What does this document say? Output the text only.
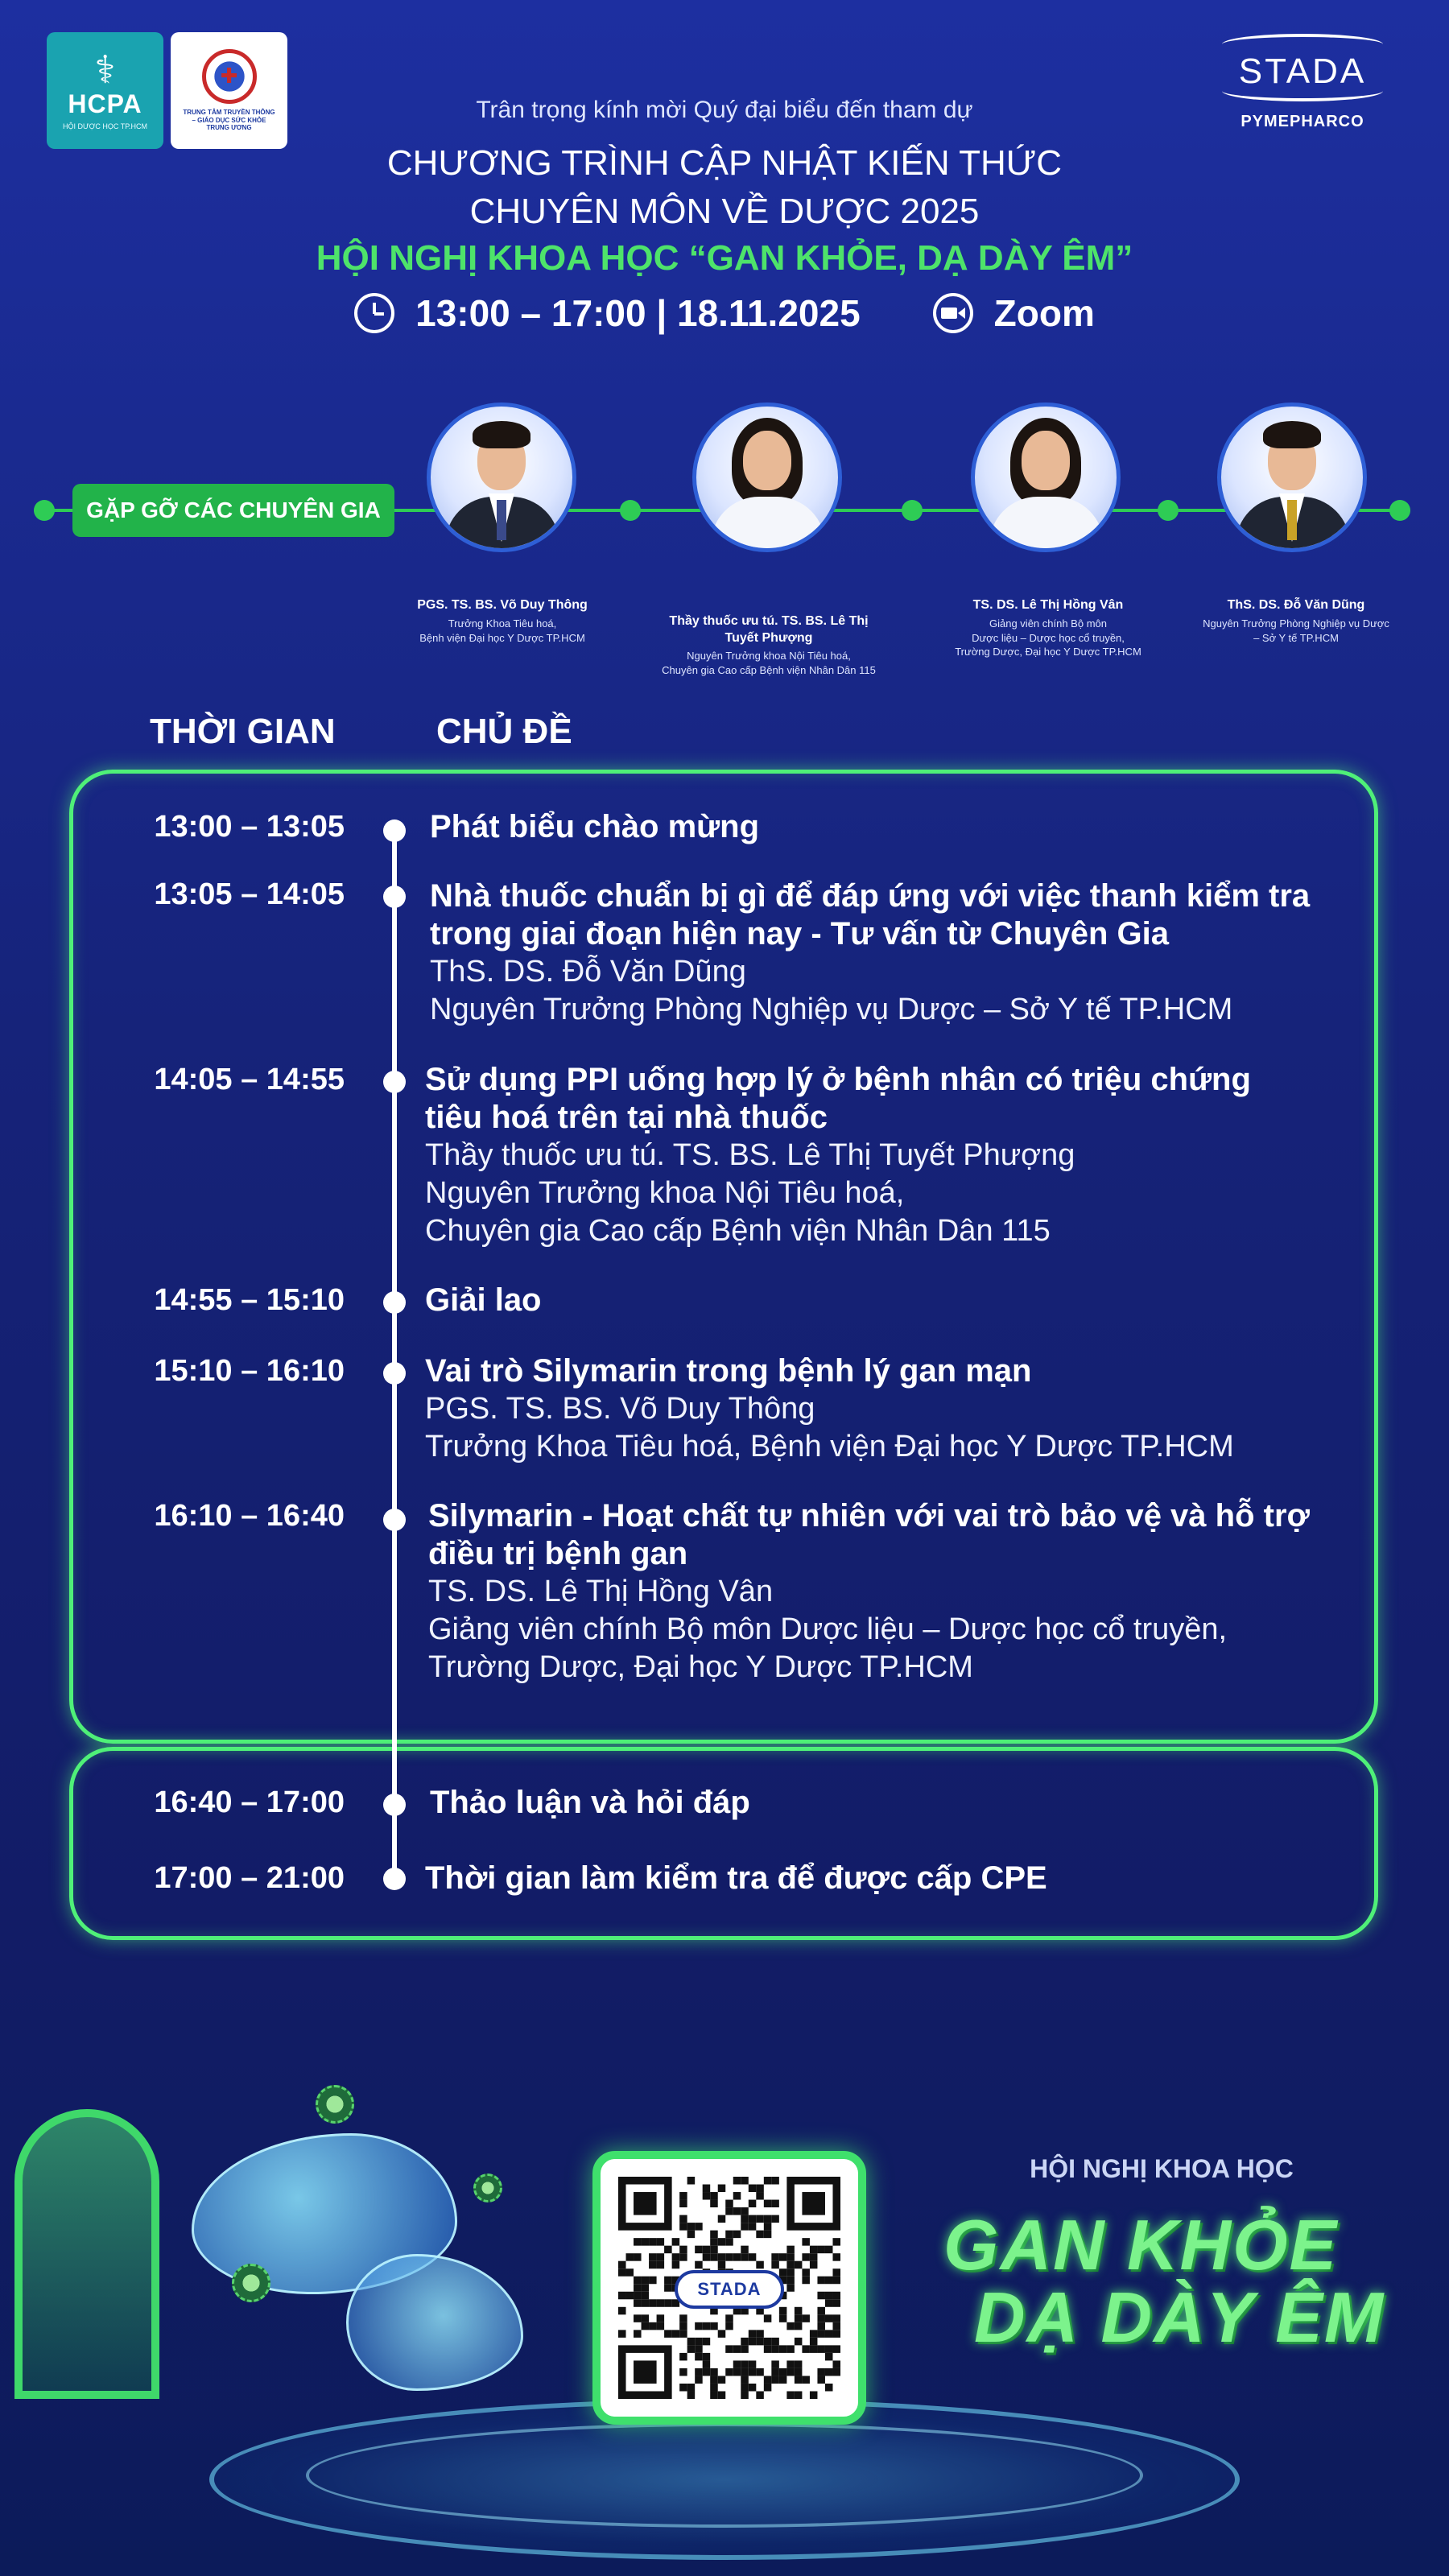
⚕
HCPA
HỘI DƯỢC HỌC TP.HCM
✚
TRUNG TÂM TRUYỀN THÔNG – GIÁO DỤC SỨC KHỎE TRUNG ƯƠNG
STADA
PYMEPHARCO
Trân trọng kính mời Quý đại biểu đến tham dự
CHƯƠNG TRÌNH CẬP NHẬT KIẾN THỨC
CHUYÊN MÔN VỀ DƯỢC 2025
HỘI NGHỊ KHOA HỌC “GAN KHỎE, DẠ DÀY ÊM”
13:00 – 17:00 | 18.11.2025	Zoom
GẶP GỠ CÁC CHUYÊN GIA
PGS. TS. BS. Võ Duy Thông
Trưởng Khoa Tiêu hoá,
Bệnh viện Đại học Y Dược TP.HCM
Thầy thuốc ưu tú. TS. BS. Lê Thị Tuyết Phượng
Nguyên Trưởng khoa Nội Tiêu hoá,
Chuyên gia Cao cấp Bệnh viện Nhân Dân 115
TS. DS. Lê Thị Hồng Vân
Giảng viên chính Bộ môn
Dược liệu – Dược học cổ truyền,
Trường Dược, Đại học Y Dược TP.HCM
ThS. DS. Đỗ Văn Dũng
Nguyên Trưởng Phòng Nghiệp vụ Dược
– Sở Y tế TP.HCM
THỜI GIAN	CHỦ ĐỀ
13:00 – 13:05	Phát biểu chào mừng
13:05 – 14:05	Nhà thuốc chuẩn bị gì để đáp ứng với việc thanh kiểm tra
trong giai đoạn hiện nay - Tư vấn từ Chuyên Gia
ThS. DS. Đỗ Văn Dũng
Nguyên Trưởng Phòng Nghiệp vụ Dược – Sở Y tế TP.HCM
14:05 – 14:55	Sử dụng PPI uống hợp lý ở bệnh nhân có triệu chứng
tiêu hoá trên tại nhà thuốc
Thầy thuốc ưu tú. TS. BS. Lê Thị Tuyết Phượng
Nguyên Trưởng khoa Nội Tiêu hoá,
Chuyên gia Cao cấp Bệnh viện Nhân Dân 115
14:55 – 15:10	Giải lao
15:10 – 16:10	Vai trò Silymarin trong bệnh lý gan mạn
PGS. TS. BS. Võ Duy Thông
Trưởng Khoa Tiêu hoá, Bệnh viện Đại học Y Dược TP.HCM
16:10 – 16:40	Silymarin - Hoạt chất tự nhiên với vai trò bảo vệ và hỗ trợ
điều trị bệnh gan
TS. DS. Lê Thị Hồng Vân
Giảng viên chính Bộ môn Dược liệu – Dược học cổ truyền,
Trường Dược, Đại học Y Dược TP.HCM
16:40 – 17:00	Thảo luận và hỏi đáp
17:00 – 21:00	Thời gian làm kiểm tra để được cấp CPE
STADA
HỘI NGHỊ KHOA HỌC
GAN KHỎE
DẠ DÀY ÊM
